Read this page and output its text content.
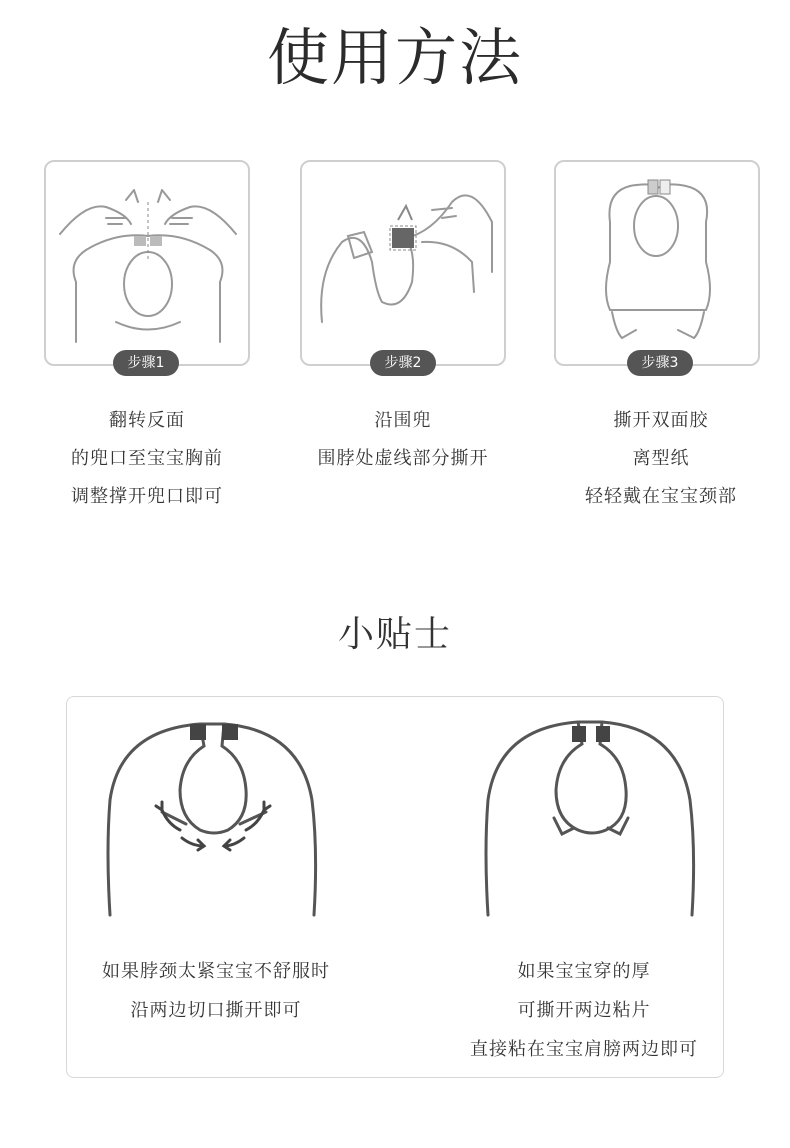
使用方法
步骤1
翻转反面
的兜口至宝宝胸前
调整撑开兜口即可
步骤2
沿围兜
围脖处虚线部分撕开
步骤3
撕开双面胶
离型纸
轻轻戴在宝宝颈部
小贴士
如果脖颈太紧宝宝不舒服时
沿两边切口撕开即可
如果宝宝穿的厚
可撕开两边粘片
直接粘在宝宝肩膀两边即可
